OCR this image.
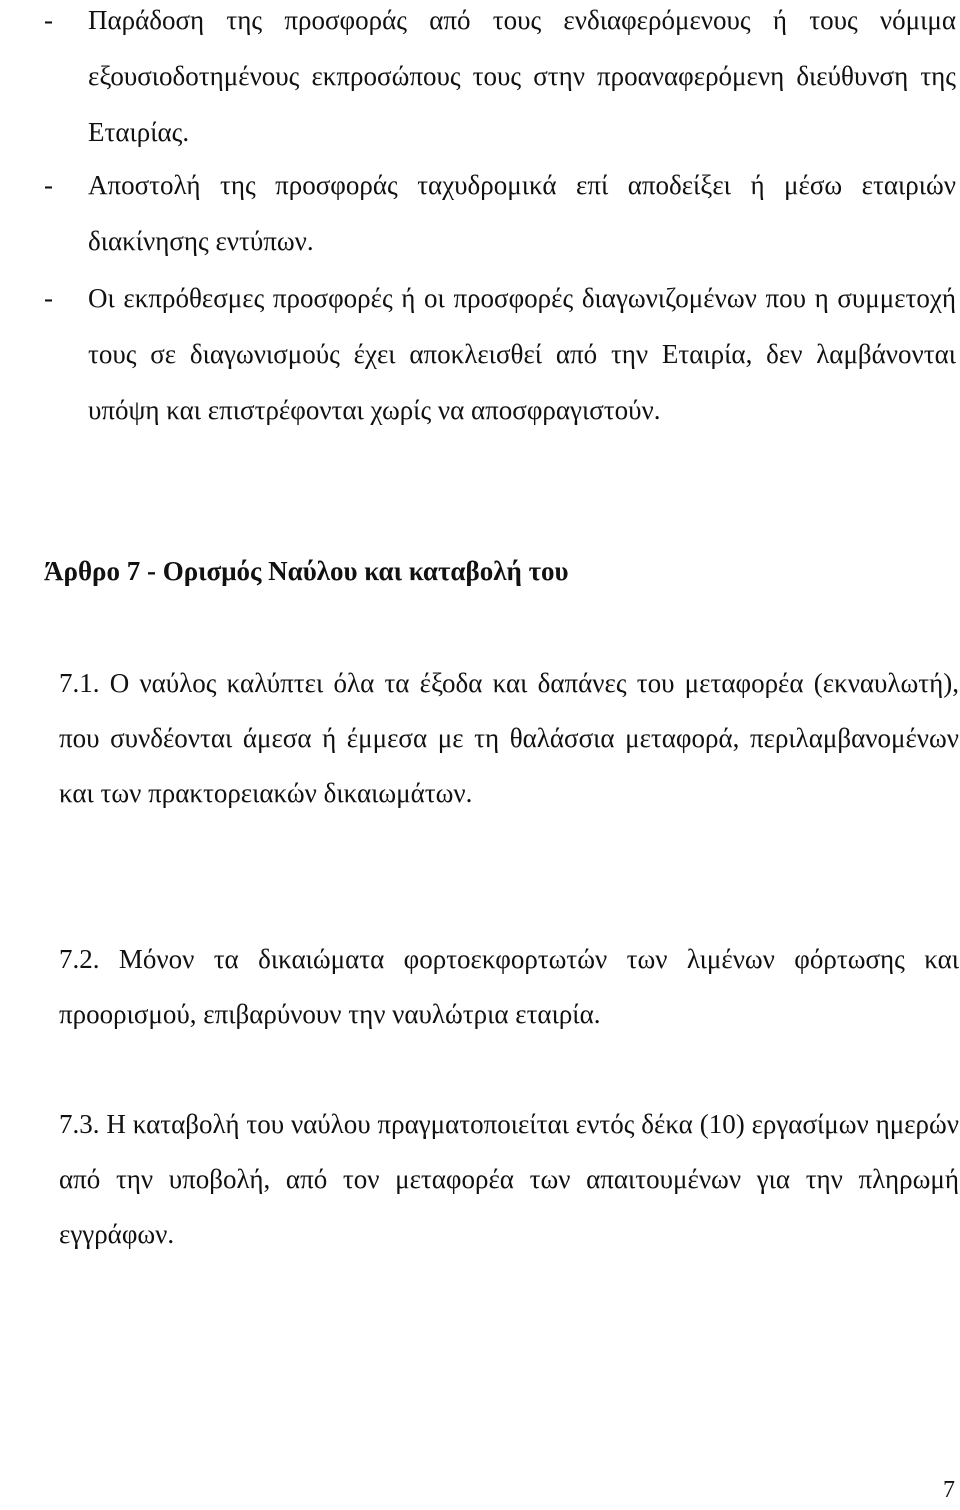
- Παράδοση της προσφοράς από τους ενδιαφερόμενους ή τους νόμιμα εξουσιοδοτημένους εκπροσώπους τους στην προαναφερόμενη διεύθυνση της Εταιρίας.
- Αποστολή της προσφοράς ταχυδρομικά επί αποδείξει ή μέσω εταιριών διακίνησης εντύπων.
- Οι εκπρόθεσμες προσφορές ή οι προσφορές διαγωνιζομένων που η συμμετοχή τους σε διαγωνισμούς έχει αποκλεισθεί από την Εταιρία, δεν λαμβάνονται υπόψη και επιστρέφονται χωρίς να αποσφραγιστούν.
Άρθρο 7 - Ορισμός Ναύλου και καταβολή του
7.1. Ο ναύλος καλύπτει όλα τα έξοδα και δαπάνες του μεταφορέα (εκναυλωτή), που συνδέονται άμεσα ή έμμεσα με τη θαλάσσια μεταφορά, περιλαμβανομένων και των πρακτορειακών δικαιωμάτων.
7.2. Μόνον τα δικαιώματα φορτοεκφορτωτών των λιμένων φόρτωσης και προορισμού, επιβαρύνουν την ναυλώτρια εταιρία.
7.3. Η καταβολή του ναύλου πραγματοποιείται εντός δέκα (10) εργασίμων ημερών από την υποβολή, από τον μεταφορέα των απαιτουμένων για την πληρωμή εγγράφων.
7
